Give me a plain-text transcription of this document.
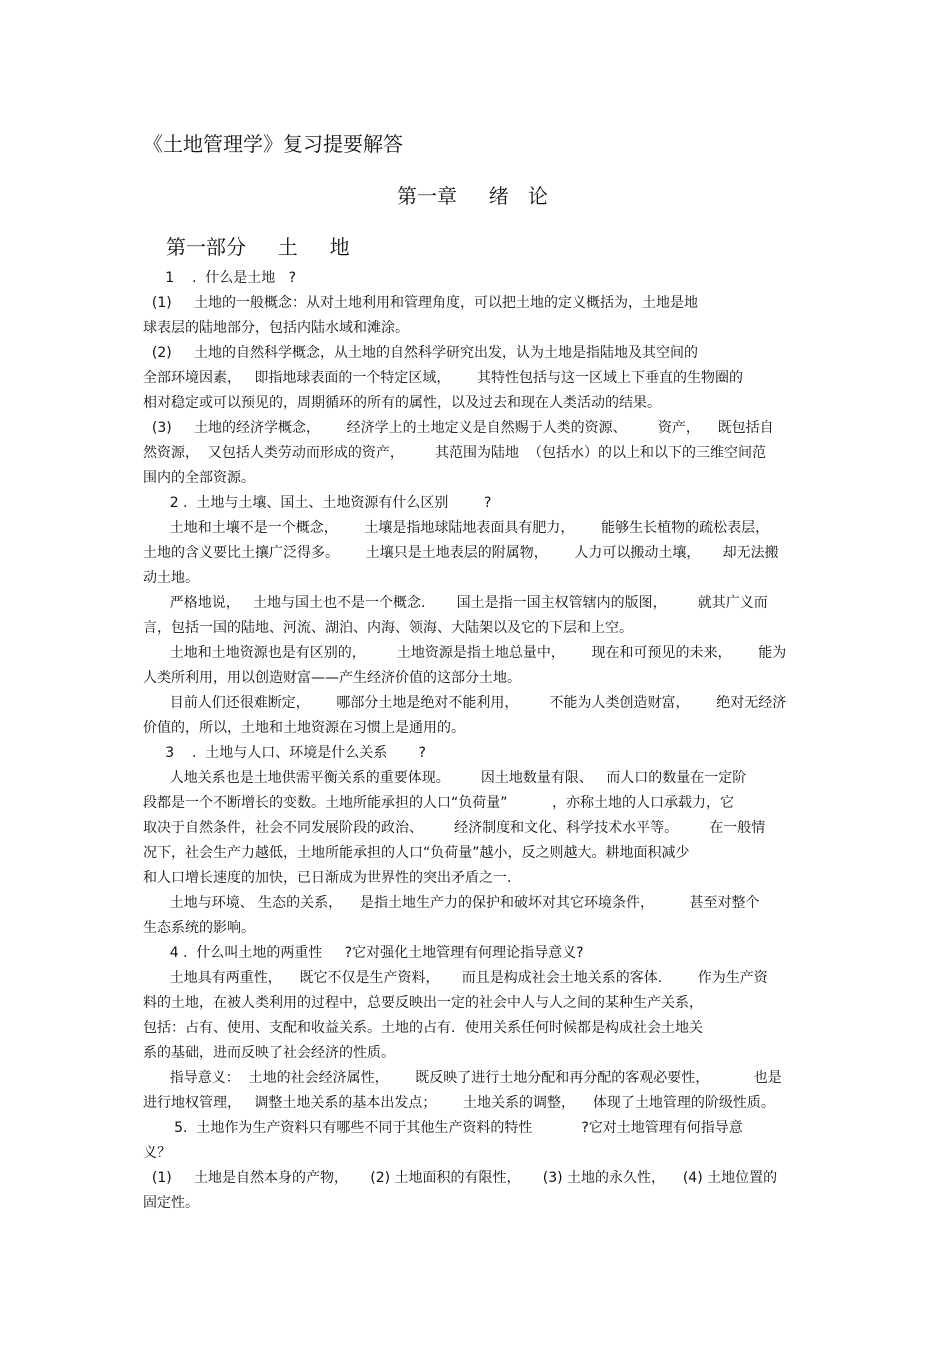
《土地管理学》复习提要解答
第一章     绪   论
第一部分     土     地
1    .  什么是土地   ?
(1)     土地的一般概念：从对土地利用和管理角度，可以把土地的定义概括为，土地是地
球表层的陆地部分，包括内陆水域和滩涂。
(2)     土地的自然科学概念，从土地的自然科学研究出发，认为土地是指陆地及其空间的
全部环境因素，   即指地球表面的一个特定区域，      其特性包括与这一区域上下垂直的生物圈的
相对稳定或可以预见的，周期循环的所有的属性，以及过去和现在人类活动的结果。
(3)     土地的经济学概念，      经济学上的土地定义是自然赐于人类的资源、       资产，    既包括自
然资源，  又包括人类劳动而形成的资产，       其范围为陆地  （包括水）的以上和以下的三维空间范
围内的全部资源。
2 .  土地与土壤、国土、土地资源有什么区别        ?
土地和土壤不是一个概念，      土壤是指地球陆地表面具有肥力，      能够生长植物的疏松表层，
土地的含义要比土攘广泛得多。      土壤只是土地表层的附属物，      人力可以搬动土壤，     却无法搬
动土地。
严格地说，   土地与国土也不是一个概念.       国土是指一国主权管辖内的版图，       就其广义而
言，包括一国的陆地、河流、湖泊、内海、领海、大陆架以及它的下层和上空。
土地和土地资源也是有区别的，       土地资源是指土地总量中，      现在和可预见的未来，      能为
人类所利用，用以创造财富——产生经济价值的这部分土地。
目前人们还很难断定，      哪部分土地是绝对不能利用，       不能为人类创造财富，      绝对无经济
价值的，所以，土地和土地资源在习惯上是通用的。
3    .  土地与人口、环境是什么关系       ?
人地关系也是土地供需平衡关系的重要体现。       因土地数量有限、   而人口的数量在一定阶
段都是一个不断增长的变数。土地所能承担的人口“负荷量”          ，亦称土地的人口承载力，它
取决于自然条件，社会不同发展阶段的政治、       经济制度和文化、科学技术水平等。       在一般情
况下，社会生产力越低，土地所能承担的人口“负荷量”越小，反之则越大。耕地面积减少
和人口增长速度的加快，已日渐成为世界性的突出矛盾之一.
土地与环境、 生态的关系，    是指土地生产力的保护和破坏对其它环境条件，        甚至对整个
生态系统的影响。
4 .  什么叫土地的两重性     ?它对强化土地管理有何理论指导意义?
土地具有两重性，    既它不仅是生产资料，     而且是构成社会土地关系的客体.        作为生产资
料的土地，在被人类利用的过程中，总要反映出一定的社会中人与人之间的某种生产关系，
包括：占有、使用、支配和收益关系。土地的占有．使用关系任何时候都是构成社会土地关
系的基础，进而反映了社会经济的性质。
指导意义：  土地的社会经济属性，      既反映了进行土地分配和再分配的客观必要性，          也是
进行地权管理，   调整土地关系的基本出发点；      土地关系的调整，    体现了土地管理的阶级性质。
5.  土地作为生产资料只有哪些不同于其他生产资料的特性           ?它对土地管理有何指导意
义？
(1)     土地是自然本身的产物，     (2) 土地面积的有限性，     (3) 土地的永久性，    (4) 土地位置的
固定性。
